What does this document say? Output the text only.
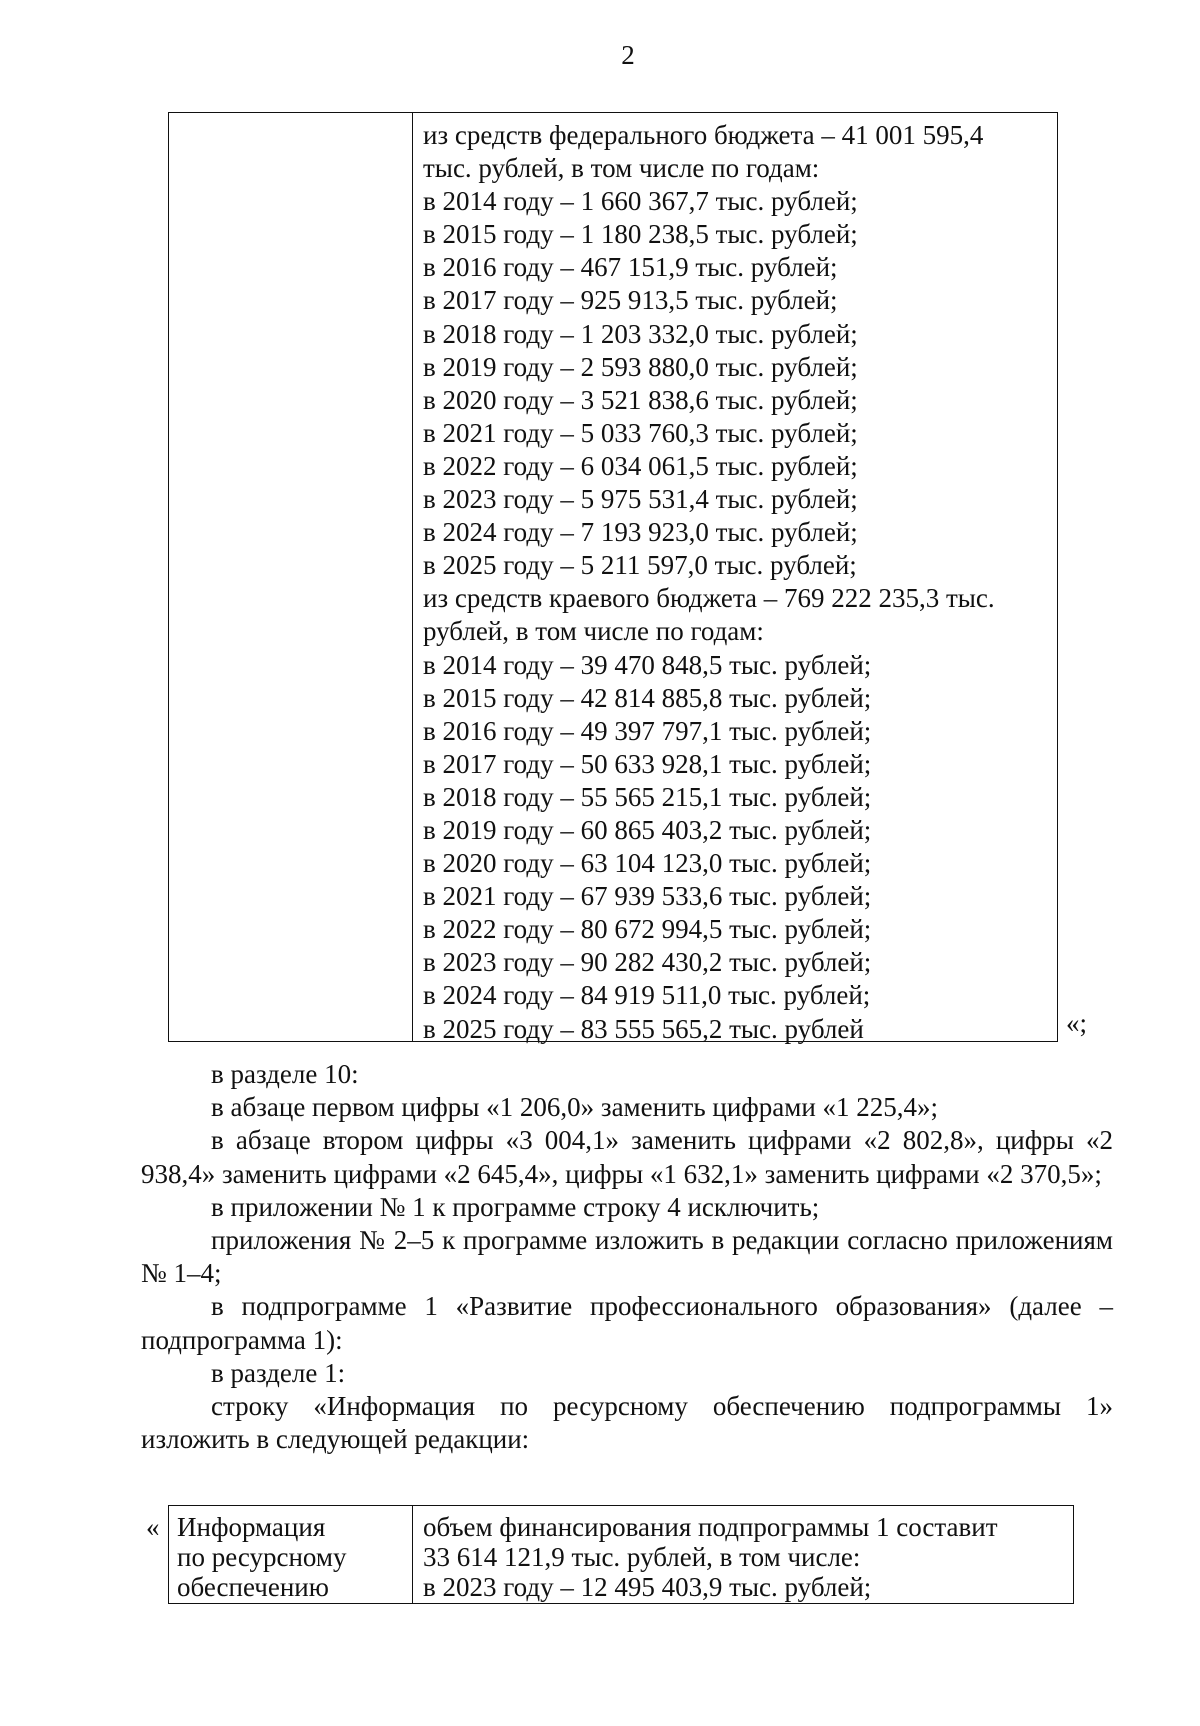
2
из средств федерального бюджета – 41 001 595,4
тыс. рублей, в том числе по годам:
в 2014 году – 1 660 367,7 тыс. рублей;
в 2015 году – 1 180 238,5 тыс. рублей;
в 2016 году – 467 151,9 тыс. рублей;
в 2017 году – 925 913,5 тыс. рублей;
в 2018 году – 1 203 332,0 тыс. рублей;
в 2019 году – 2 593 880,0 тыс. рублей;
в 2020 году – 3 521 838,6 тыс. рублей;
в 2021 году – 5 033 760,3 тыс. рублей;
в 2022 году – 6 034 061,5 тыс. рублей;
в 2023 году – 5 975 531,4 тыс. рублей;
в 2024 году – 7 193 923,0 тыс. рублей;
в 2025 году – 5 211 597,0 тыс. рублей;
из средств краевого бюджета – 769 222 235,3 тыс.
рублей, в том числе по годам:
в 2014 году – 39 470 848,5 тыс. рублей;
в 2015 году – 42 814 885,8 тыс. рублей;
в 2016 году – 49 397 797,1 тыс. рублей;
в 2017 году – 50 633 928,1 тыс. рублей;
в 2018 году – 55 565 215,1 тыс. рублей;
в 2019 году – 60 865 403,2 тыс. рублей;
в 2020 году – 63 104 123,0 тыс. рублей;
в 2021 году – 67 939 533,6 тыс. рублей;
в 2022 году – 80 672 994,5 тыс. рублей;
в 2023 году – 90 282 430,2 тыс. рублей;
в 2024 году – 84 919 511,0 тыс. рублей;
в 2025 году – 83 555 565,2 тыс. рублей	«;

в разделе 10:

в абзаце первом цифры «1 206,0» заменить цифрами «1 225,4»;

в абзаце втором цифры «3 004,1» заменить цифрами «2 802,8», цифры «2 938,4» заменить цифрами «2 645,4», цифры «1 632,1» заменить цифрами «2 370,5»;

в приложении № 1 к программе строку 4 исключить;

приложения № 2–5 к программе изложить в редакции согласно приложениям № 1–4;

в подпрограмме 1 «Развитие профессионального образования» (далее – подпрограмма 1):

в разделе 1:

строку «Информация по ресурсному обеспечению подпрограммы 1» изложить в следующей редакции:

« Информация
по ресурсному
обеспечению
объем финансирования подпрограммы 1 составит
33 614 121,9 тыс. рублей, в том числе:
в 2023 году – 12 495 403,9 тыс. рублей;
